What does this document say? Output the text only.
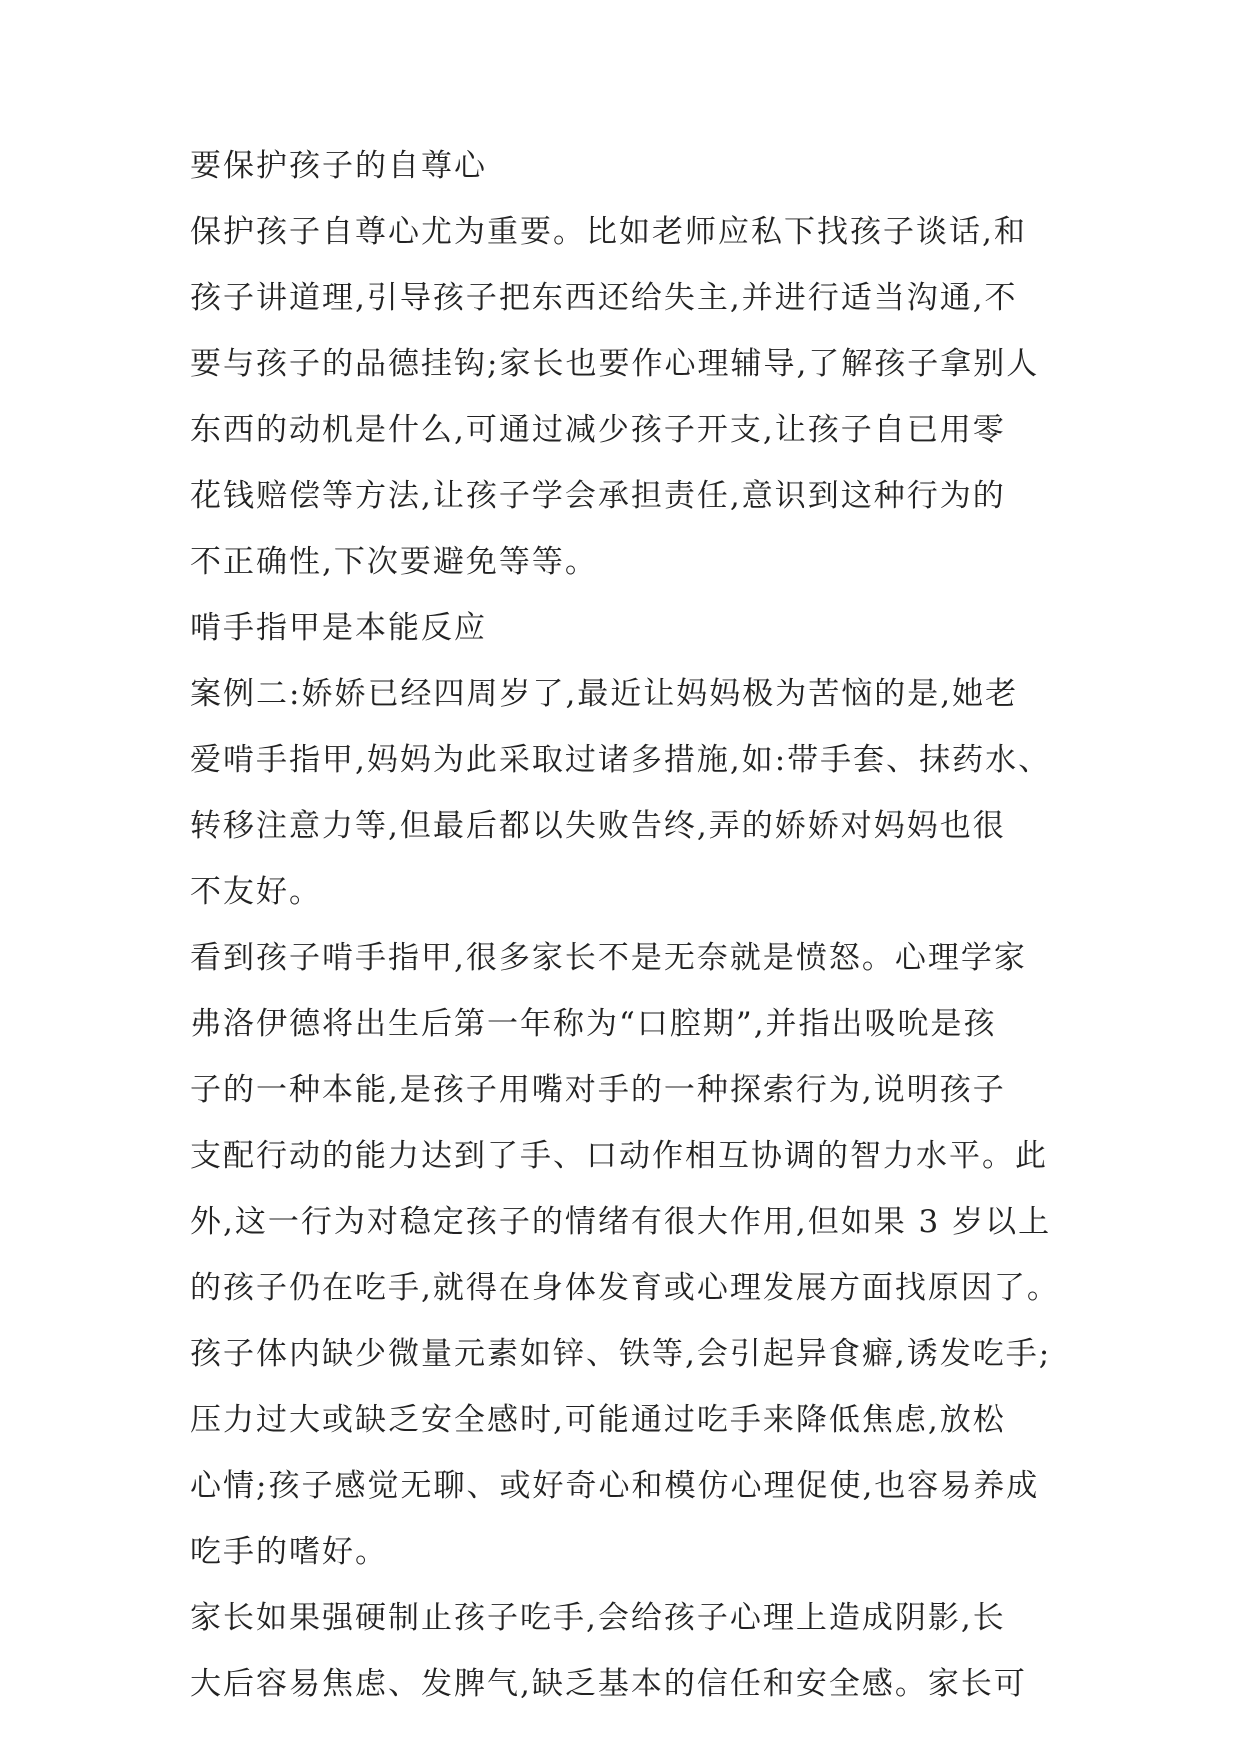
要保护孩子的自尊心
保护孩子自尊心尤为重要。比如老师应私下找孩子谈话,和
孩子讲道理,引导孩子把东西还给失主,并进行适当沟通,不
要与孩子的品德挂钩;家长也要作心理辅导,了解孩子拿别人
东西的动机是什么,可通过减少孩子开支,让孩子自已用零
花钱赔偿等方法,让孩子学会承担责任,意识到这种行为的
不正确性,下次要避免等等。
啃手指甲是本能反应
案例二:娇娇已经四周岁了,最近让妈妈极为苦恼的是,她老
爱啃手指甲,妈妈为此采取过诸多措施,如:带手套、抹药水、
转移注意力等,但最后都以失败告终,弄的娇娇对妈妈也很
不友好。
看到孩子啃手指甲,很多家长不是无奈就是愤怒。心理学家
弗洛伊德将出生后第一年称为“口腔期”,并指出吸吮是孩
子的一种本能,是孩子用嘴对手的一种探索行为,说明孩子
支配行动的能力达到了手、口动作相互协调的智力水平。此
外,这一行为对稳定孩子的情绪有很大作用,但如果 3 岁以上
的孩子仍在吃手,就得在身体发育或心理发展方面找原因了。
孩子体内缺少微量元素如锌、铁等,会引起异食癖,诱发吃手;
压力过大或缺乏安全感时,可能通过吃手来降低焦虑,放松
心情;孩子感觉无聊、或好奇心和模仿心理促使,也容易养成
吃手的嗜好。
家长如果强硬制止孩子吃手,会给孩子心理上造成阴影,长
大后容易焦虑、发脾气,缺乏基本的信任和安全感。家长可
